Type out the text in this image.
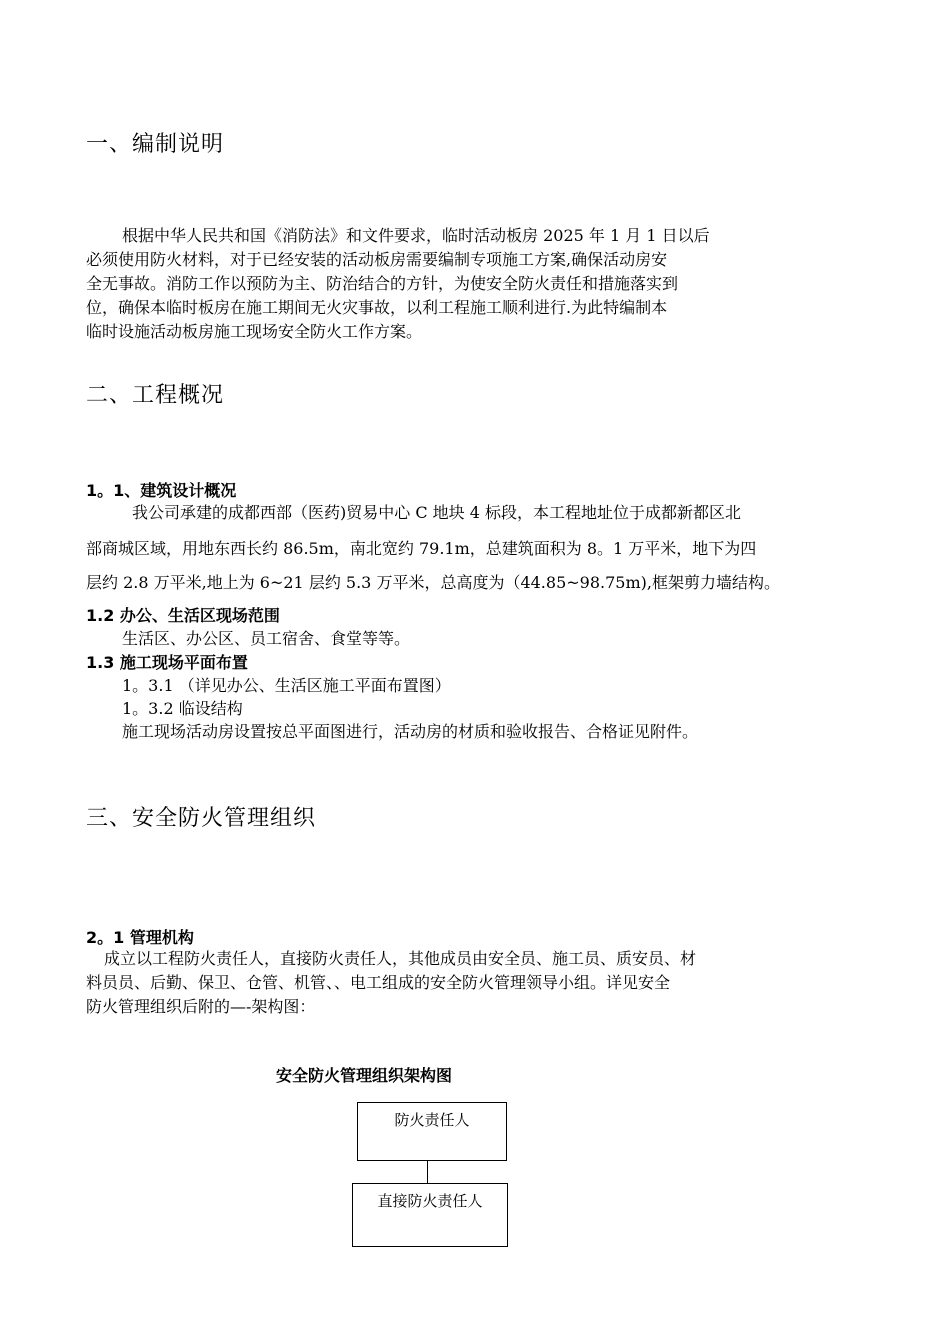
一、编制说明
根据中华人民共和国《消防法》和文件要求，临时活动板房 2025 年 1 月 1 日以后
必须使用防火材料，对于已经安装的活动板房需要编制专项施工方案,确保活动房安
全无事故。消防工作以预防为主、防治结合的方针，为使安全防火责任和措施落实到
位，确保本临时板房在施工期间无火灾事故，以利工程施工顺利进行.为此特编制本
临时设施活动板房施工现场安全防火工作方案。
二、工程概况
1。1、建筑设计概况
我公司承建的成都西部（医药)贸易中心 C 地块 4 标段，本工程地址位于成都新都区北
部商城区域，用地东西长约 86.5m，南北宽约 79.1m，总建筑面积为 8。1 万平米，地下为四
层约 2.8 万平米,地上为 6~21 层约 5.3 万平米，总高度为（44.85~98.75m),框架剪力墙结构。
1.2 办公、生活区现场范围
生活区、办公区、员工宿舍、食堂等等。
1.3 施工现场平面布置
1。3.1 （详见办公、生活区施工平面布置图）
1。3.2 临设结构
施工现场活动房设置按总平面图进行，活动房的材质和验收报告、合格证见附件。
三、安全防火管理组织
2。1 管理机构
成立以工程防火责任人，直接防火责任人，其他成员由安全员、施工员、质安员、材
料员员、后勤、保卫、仓管、机管、、电工组成的安全防火管理领导小组。详见安全
防火管理组织后附的—-架构图：
安全防火管理组织架构图
防火责任人
直接防火责任人
